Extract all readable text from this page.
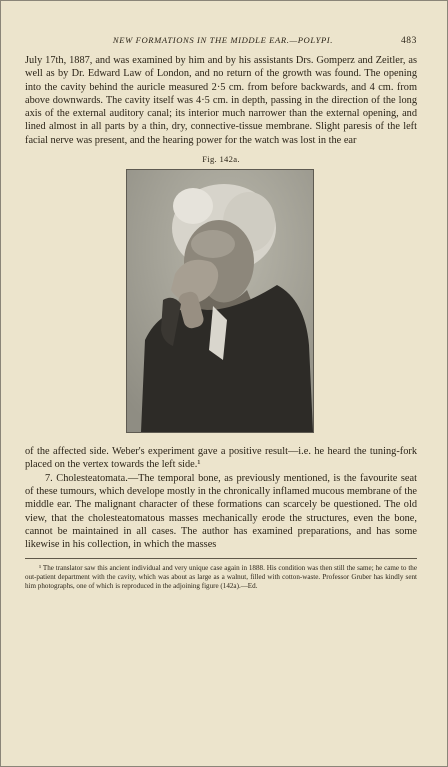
NEW FORMATIONS IN THE MIDDLE EAR.—POLYPI.	483

July 17th, 1887, and was examined by him and by his assistants Drs. Gomperz and Zeitler, as well as by Dr. Edward Law of London, and no return of the growth was found. The opening into the cavity behind the auricle measured 2·5 cm. from before backwards, and 4 cm. from above downwards. The cavity itself was 4·5 cm. in depth, passing in the direction of the long axis of the external auditory canal; its interior much narrower than the external opening, and lined almost in all parts by a thin, dry, connective-tissue membrane. Slight paresis of the left facial nerve was present, and the hearing power for the watch was lost in the ear

Fig. 142a.

of the affected side. Weber's experiment gave a positive result—i.e. he heard the tuning-fork placed on the vertex towards the left side.¹

7. Cholesteatomata.—The temporal bone, as previously mentioned, is the favourite seat of these tumours, which develope mostly in the chronically inflamed mucous membrane of the middle ear. The malignant character of these formations can scarcely be questioned. The old view, that the cholesteatomatous masses mechanically erode the structures, even the bone, cannot be maintained in all cases. The author has examined preparations, and has some likewise in his collection, in which the masses

¹ The translator saw this ancient individual and very unique case again in 1888. His condition was then still the same; he came to the out-patient department with the cavity, which was about as large as a walnut, filled with cotton-waste. Professor Gruber has kindly sent him photographs, one of which is reproduced in the adjoining figure (142a).—Ed.
